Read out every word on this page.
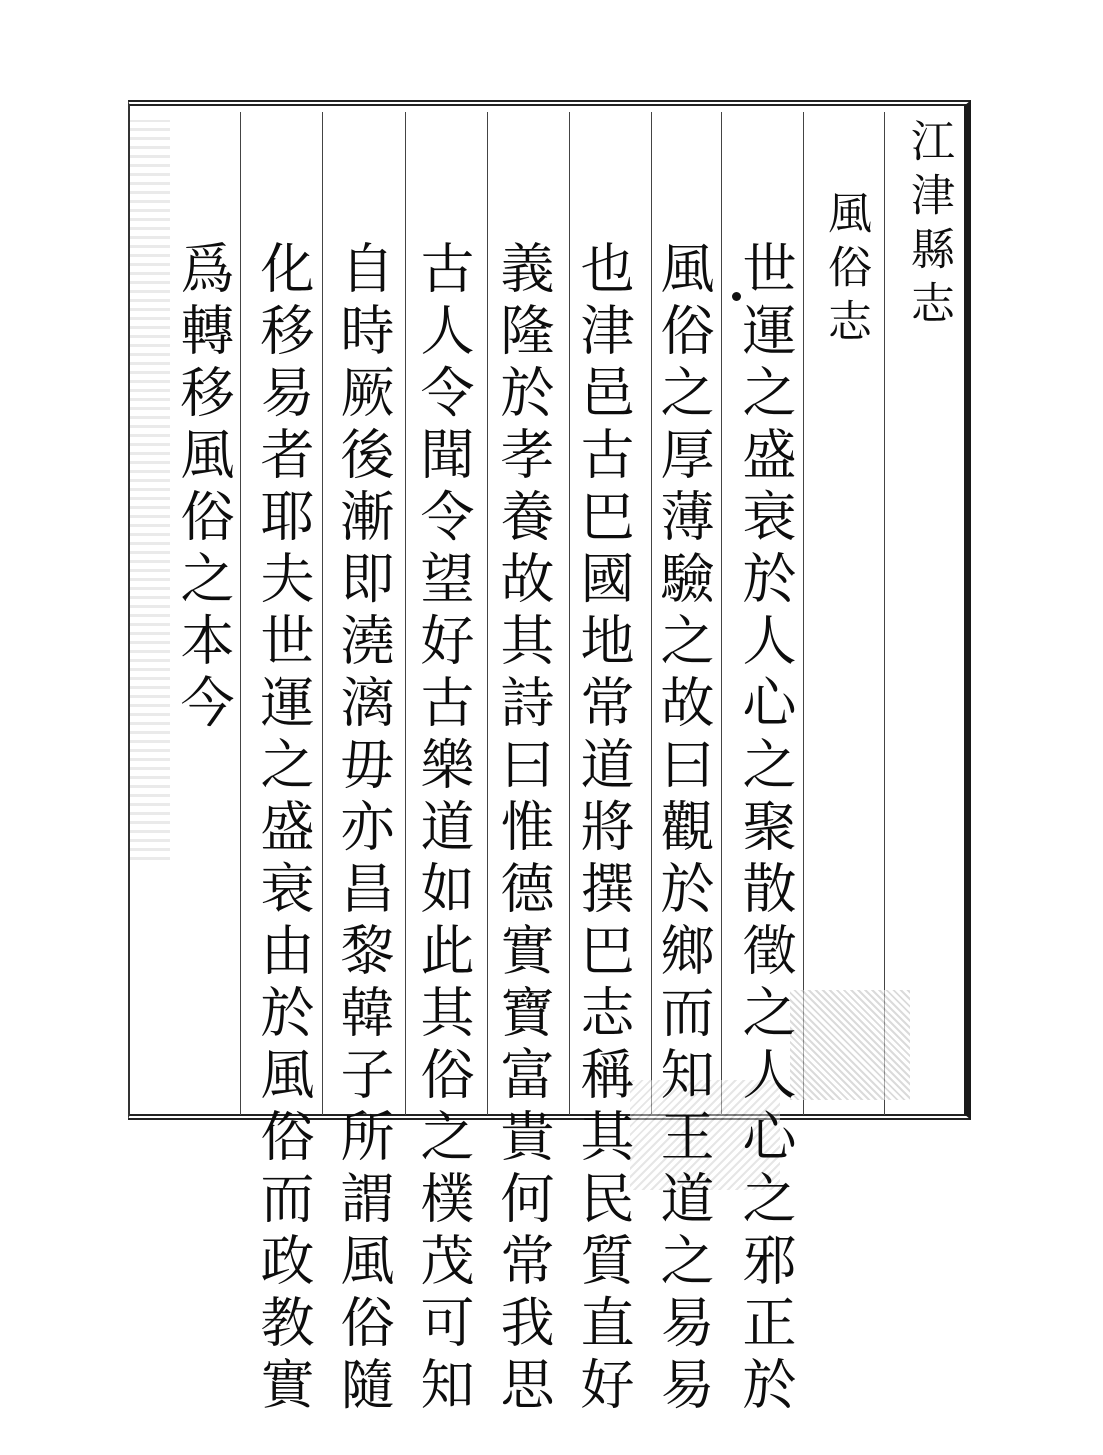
江津縣志
風俗志
世運之盛衰於人心之聚散徵之人心之邪正於
風俗之厚薄驗之故曰觀於鄉而知王道之易易
也津邑古巴國地常道將撰巴志稱其民質直好
義隆於孝養故其詩曰惟德實寶富貴何常我思
古人令聞令望好古樂道如此其俗之樸茂可知
自時厥後漸即澆漓毋亦昌黎韓子所謂風俗隨
化移易者耶夫世運之盛衰由於風俗而政教實
爲轉移風俗之本今
